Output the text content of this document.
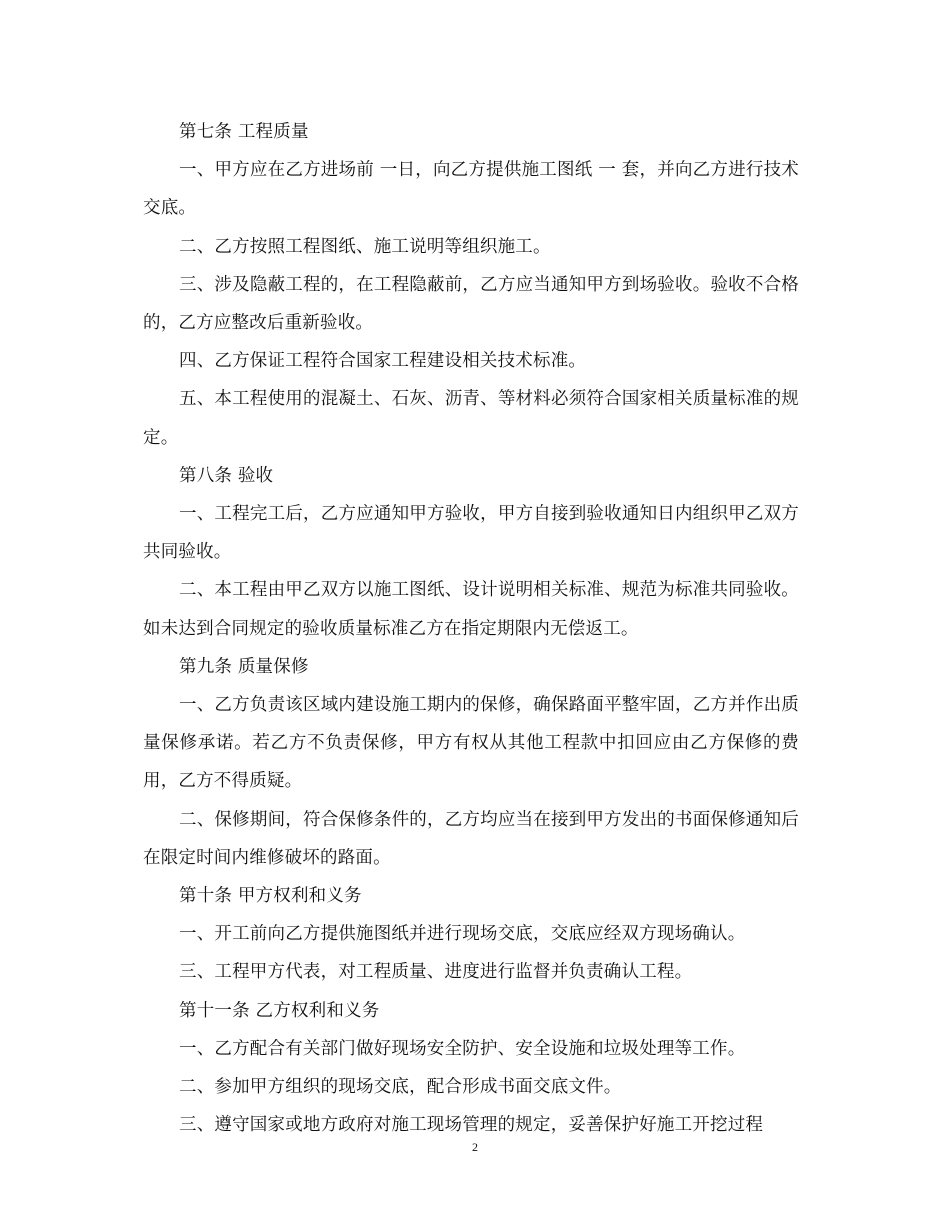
第七条 工程质量

一、甲方应在乙方进场前 一日，向乙方提供施工图纸 一 套，并向乙方进行技术交底。

二、乙方按照工程图纸、施工说明等组织施工。

三、涉及隐蔽工程的，在工程隐蔽前，乙方应当通知甲方到场验收。验收不合格的，乙方应整改后重新验收。

四、乙方保证工程符合国家工程建设相关技术标准。

五、本工程使用的混凝土、石灰、沥青、等材料必须符合国家相关质量标准的规定。

第八条 验收

一、工程完工后，乙方应通知甲方验收，甲方自接到验收通知日内组织甲乙双方共同验收。

二、本工程由甲乙双方以施工图纸、设计说明相关标准、规范为标准共同验收。如未达到合同规定的验收质量标准乙方在指定期限内无偿返工。

第九条 质量保修

一、乙方负责该区域内建设施工期内的保修，确保路面平整牢固，乙方并作出质量保修承诺。若乙方不负责保修，甲方有权从其他工程款中扣回应由乙方保修的费用，乙方不得质疑。

二、保修期间，符合保修条件的，乙方均应当在接到甲方发出的书面保修通知后在限定时间内维修破坏的路面。

第十条 甲方权利和义务

一、开工前向乙方提供施图纸并进行现场交底，交底应经双方现场确认。

三、工程甲方代表，对工程质量、进度进行监督并负责确认工程。

第十一条 乙方权利和义务

一、乙方配合有关部门做好现场安全防护、安全设施和垃圾处理等工作。

二、参加甲方组织的现场交底，配合形成书面交底文件。

三、遵守国家或地方政府对施工现场管理的规定，妥善保护好施工开挖过程

2
